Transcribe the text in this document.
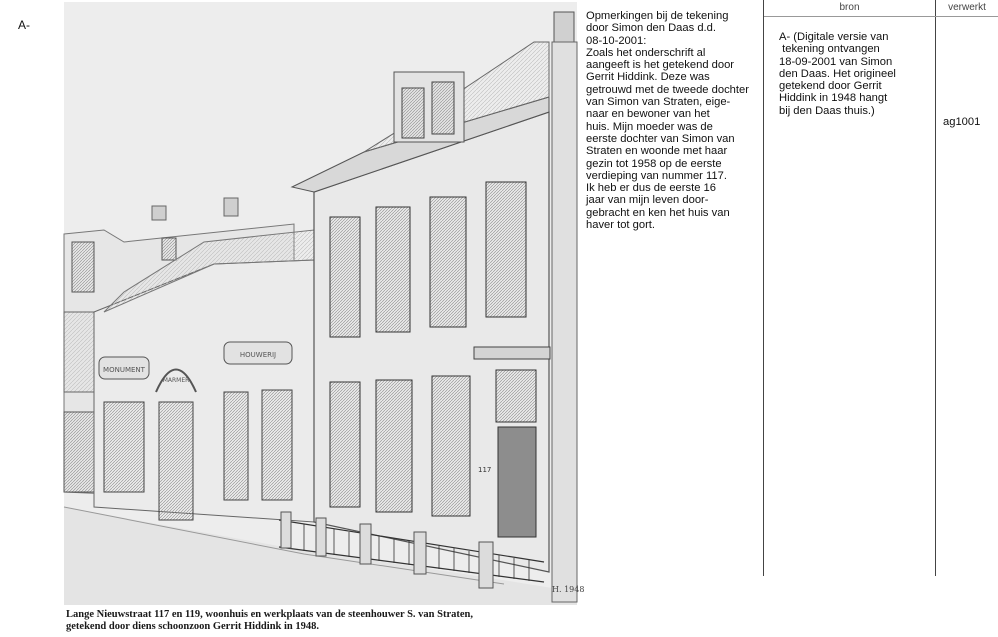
A-
MONUMENT
MARMER
HOUWERIJ
117
H. 1948
Lange Nieuwstraat 117 en 119, woonhuis en werkplaats van de steenhouwer S. van Straten,
getekend door diens schoonzoon Gerrit Hiddink in 1948.

Opmerkingen bij de tekening

door Simon den Daas d.d.

08-10-2001:

Zoals het onderschrift al

aangeeft is het getekend door

Gerrit Hiddink. Deze was

getrouwd met de tweede dochter

van Simon van Straten, eige-

naar en bewoner van het

huis. Mijn moeder was de

eerste dochter van Simon van

Straten en woonde met haar

gezin tot 1958 op de eerste

verdieping van nummer 117.

Ik heb er dus de eerste 16

jaar van mijn leven door-

gebracht en ken het huis van

haver tot gort.

bron	verwerkt
A- (Digitale versie van
tekening ontvangen
18-09-2001 van Simon
den Daas. Het origineel
getekend door Gerrit
Hiddink in 1948 hangt
bij den Daas thuis.)
ag1001
